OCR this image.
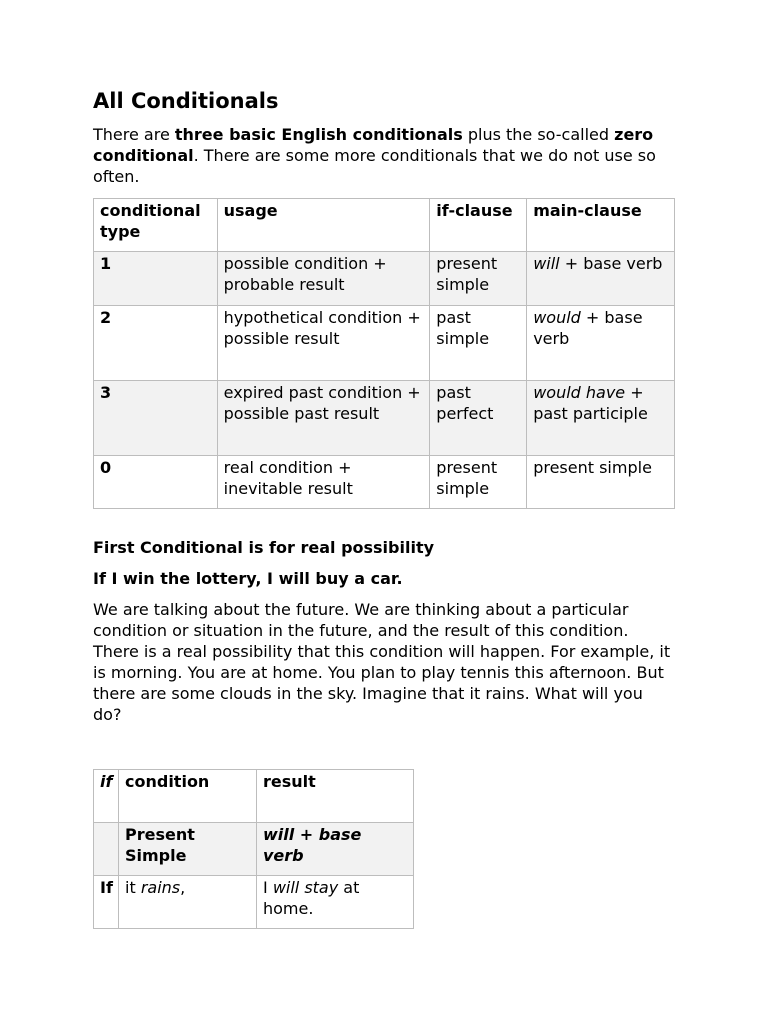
All Conditionals

There are three basic English conditionals plus the so-called zero conditional. There are some more conditionals that we do not use so often.

conditional type	usage	if-clause	main-clause
1	possible condition + probable result	present simple	will + base verb
2	hypothetical condition + possible result	past simple	would + base verb
3	expired past condition + possible past result	past perfect	would have + past participle
0	real condition + inevitable result	present simple	present simple

First Conditional is for real possibility

If I win the lottery, I will buy a car.

We are talking about the future. We are thinking about a particular condition or situation in the future, and the result of this condition. There is a real possibility that this condition will happen. For example, it is morning. You are at home. You plan to play tennis this afternoon. But there are some clouds in the sky. Imagine that it rains. What will you do?

if	condition	result
	Present Simple	will + base verb
If	it rains,	I will stay at home.
